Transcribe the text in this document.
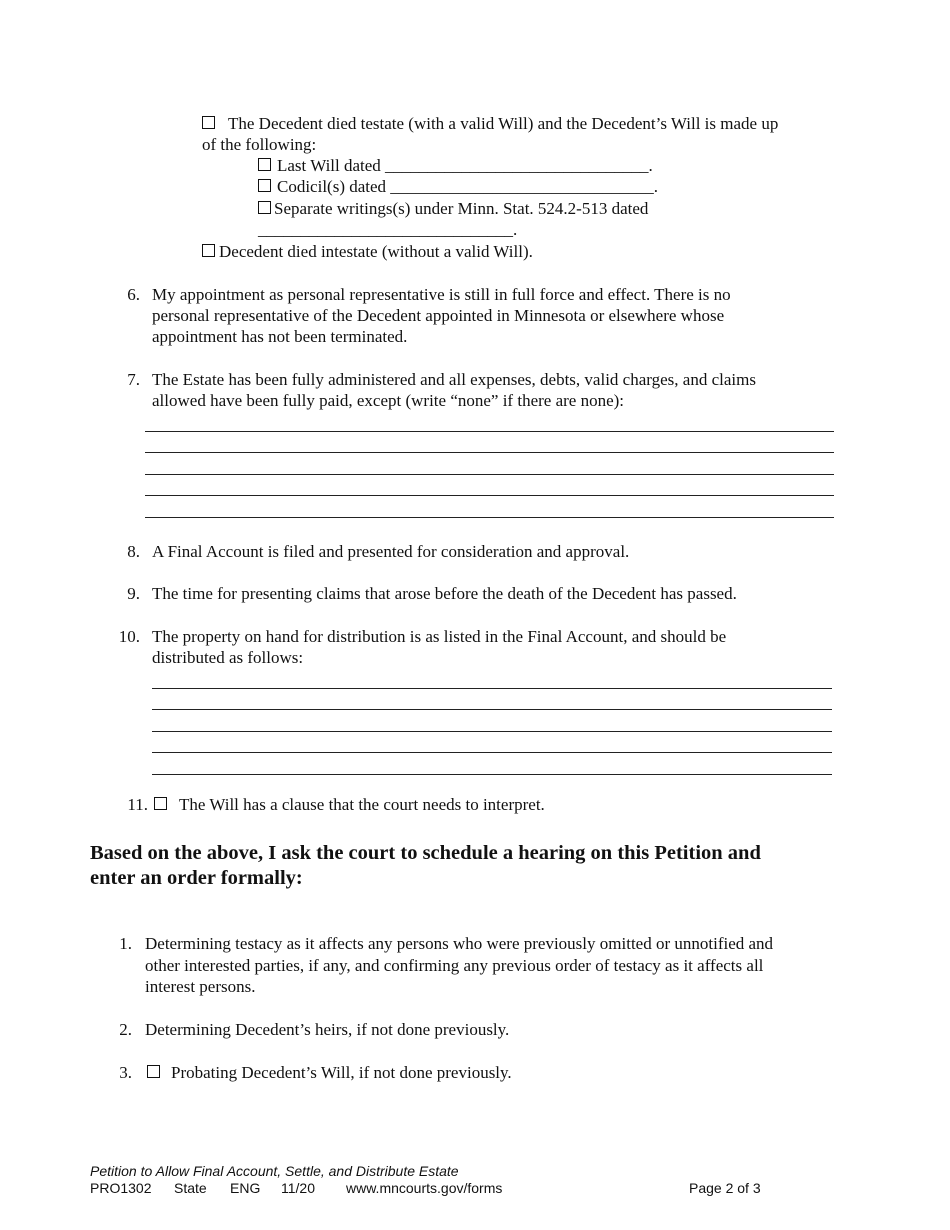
The Decedent died testate (with a valid Will) and the Decedent’s Will is made up
of the following:
Last Will dated _______________________________.
Codicil(s) dated _______________________________.
Separate writings(s) under Minn. Stat. 524.2-513 dated
______________________________.
Decedent died intestate (without a valid Will).
6. My appointment as personal representative is still in full force and effect. There is no
personal representative of the Decedent appointed in Minnesota or elsewhere whose
appointment has not been terminated.
7. The Estate has been fully administered and all expenses, debts, valid charges, and claims
allowed have been fully paid, except (write “none” if there are none):
8. A Final Account is filed and presented for consideration and approval.
9. The time for presenting claims that arose before the death of the Decedent has passed.
10. The property on hand for distribution is as listed in the Final Account, and should be
distributed as follows:
11.	The Will has a clause that the court needs to interpret.
Based on the above, I ask the court to schedule a hearing on this Petition and
enter an order formally:
1. Determining testacy as it affects any persons who were previously omitted or unnotified and
other interested parties, if any, and confirming any previous order of testacy as it affects all
interest persons.
2. Determining Decedent’s heirs, if not done previously.
3.	Probating Decedent’s Will, if not done previously.
Petition to Allow Final Account, Settle, and Distribute Estate
PRO1302 State ENG 11/20 www.mncourts.gov/forms	Page 2 of 3
